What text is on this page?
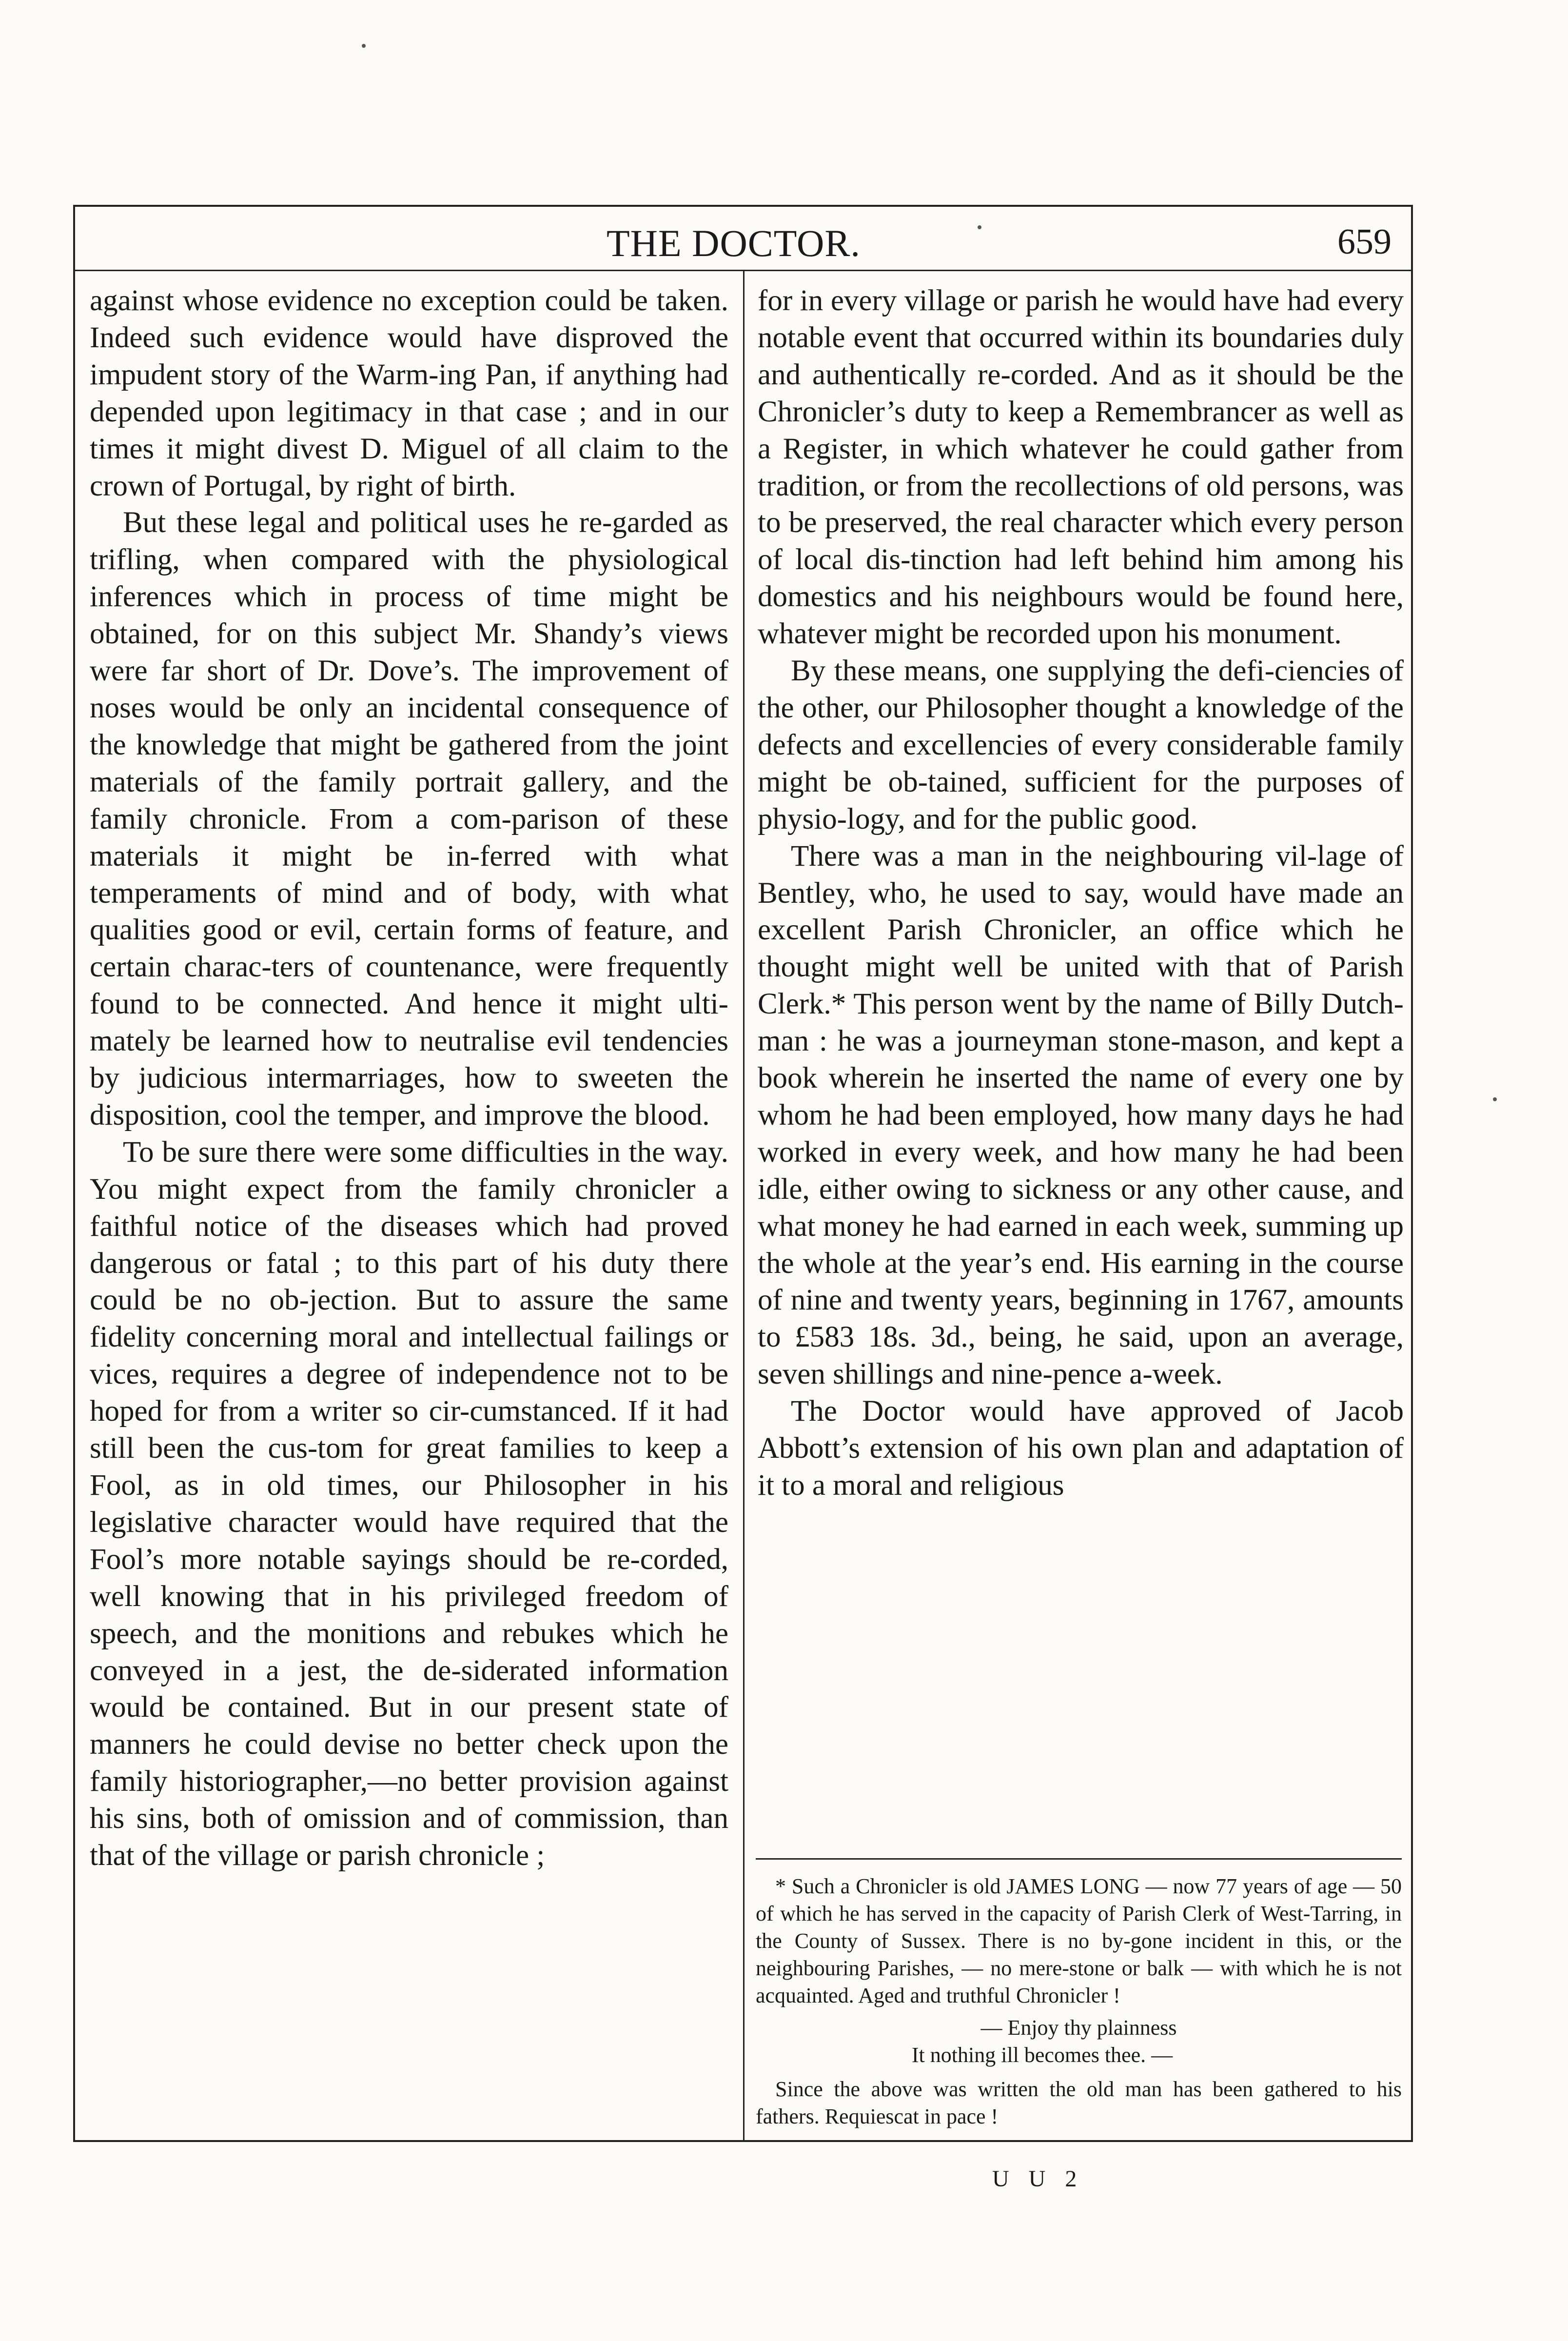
THE DOCTOR.	659

against whose evidence no exception could be taken. Indeed such evidence would have disproved the impudent story of the Warm-ing Pan, if anything had depended upon legitimacy in that case ; and in our times it might divest D. Miguel of all claim to the crown of Portugal, by right of birth.

But these legal and political uses he re-garded as trifling, when compared with the physiological inferences which in process of time might be obtained, for on this subject Mr. Shandy’s views were far short of Dr. Dove’s. The improvement of noses would be only an incidental consequence of the knowledge that might be gathered from the joint materials of the family portrait gallery, and the family chronicle. From a com-parison of these materials it might be in-ferred with what temperaments of mind and of body, with what qualities good or evil, certain forms of feature, and certain charac-ters of countenance, were frequently found to be connected. And hence it might ulti-mately be learned how to neutralise evil tendencies by judicious intermarriages, how to sweeten the disposition, cool the temper, and improve the blood.

To be sure there were some difficulties in the way. You might expect from the family chronicler a faithful notice of the diseases which had proved dangerous or fatal ; to this part of his duty there could be no ob-jection. But to assure the same fidelity concerning moral and intellectual failings or vices, requires a degree of independence not to be hoped for from a writer so cir-cumstanced. If it had still been the cus-tom for great families to keep a Fool, as in old times, our Philosopher in his legislative character would have required that the Fool’s more notable sayings should be re-corded, well knowing that in his privileged freedom of speech, and the monitions and rebukes which he conveyed in a jest, the de-siderated information would be contained. But in our present state of manners he could devise no better check upon the family historiographer,—no better provision against his sins, both of omission and of commission, than that of the village or parish chronicle ;

for in every village or parish he would have had every notable event that occurred within its boundaries duly and authentically re-corded. And as it should be the Chronicler’s duty to keep a Remembrancer as well as a Register, in which whatever he could gather from tradition, or from the recollections of old persons, was to be preserved, the real character which every person of local dis-tinction had left behind him among his domestics and his neighbours would be found here, whatever might be recorded upon his monument.

By these means, one supplying the defi-ciencies of the other, our Philosopher thought a knowledge of the defects and excellencies of every considerable family might be ob-tained, sufficient for the purposes of physio-logy, and for the public good.

There was a man in the neighbouring vil-lage of Bentley, who, he used to say, would have made an excellent Parish Chronicler, an office which he thought might well be united with that of Parish Clerk.* This person went by the name of Billy Dutch-man : he was a journeyman stone-mason, and kept a book wherein he inserted the name of every one by whom he had been employed, how many days he had worked in every week, and how many he had been idle, either owing to sickness or any other cause, and what money he had earned in each week, summing up the whole at the year’s end. His earning in the course of nine and twenty years, beginning in 1767, amounts to £583 18s. 3d., being, he said, upon an average, seven shillings and nine-pence a-week.

The Doctor would have approved of Jacob Abbott’s extension of his own plan and adaptation of it to a moral and religious

* Such a Chronicler is old JAMES LONG — now 77 years of age — 50 of which he has served in the capacity of Parish Clerk of West-Tarring, in the County of Sussex. There is no by-gone incident in this, or the neighbouring Parishes, — no mere-stone or balk — with which he is not acquainted. Aged and truthful Chronicler !

— Enjoy thy plainness

It nothing ill becomes thee. —

Since the above was written the old man has been gathered to his fathers. Requiescat in pace !

U U 2
